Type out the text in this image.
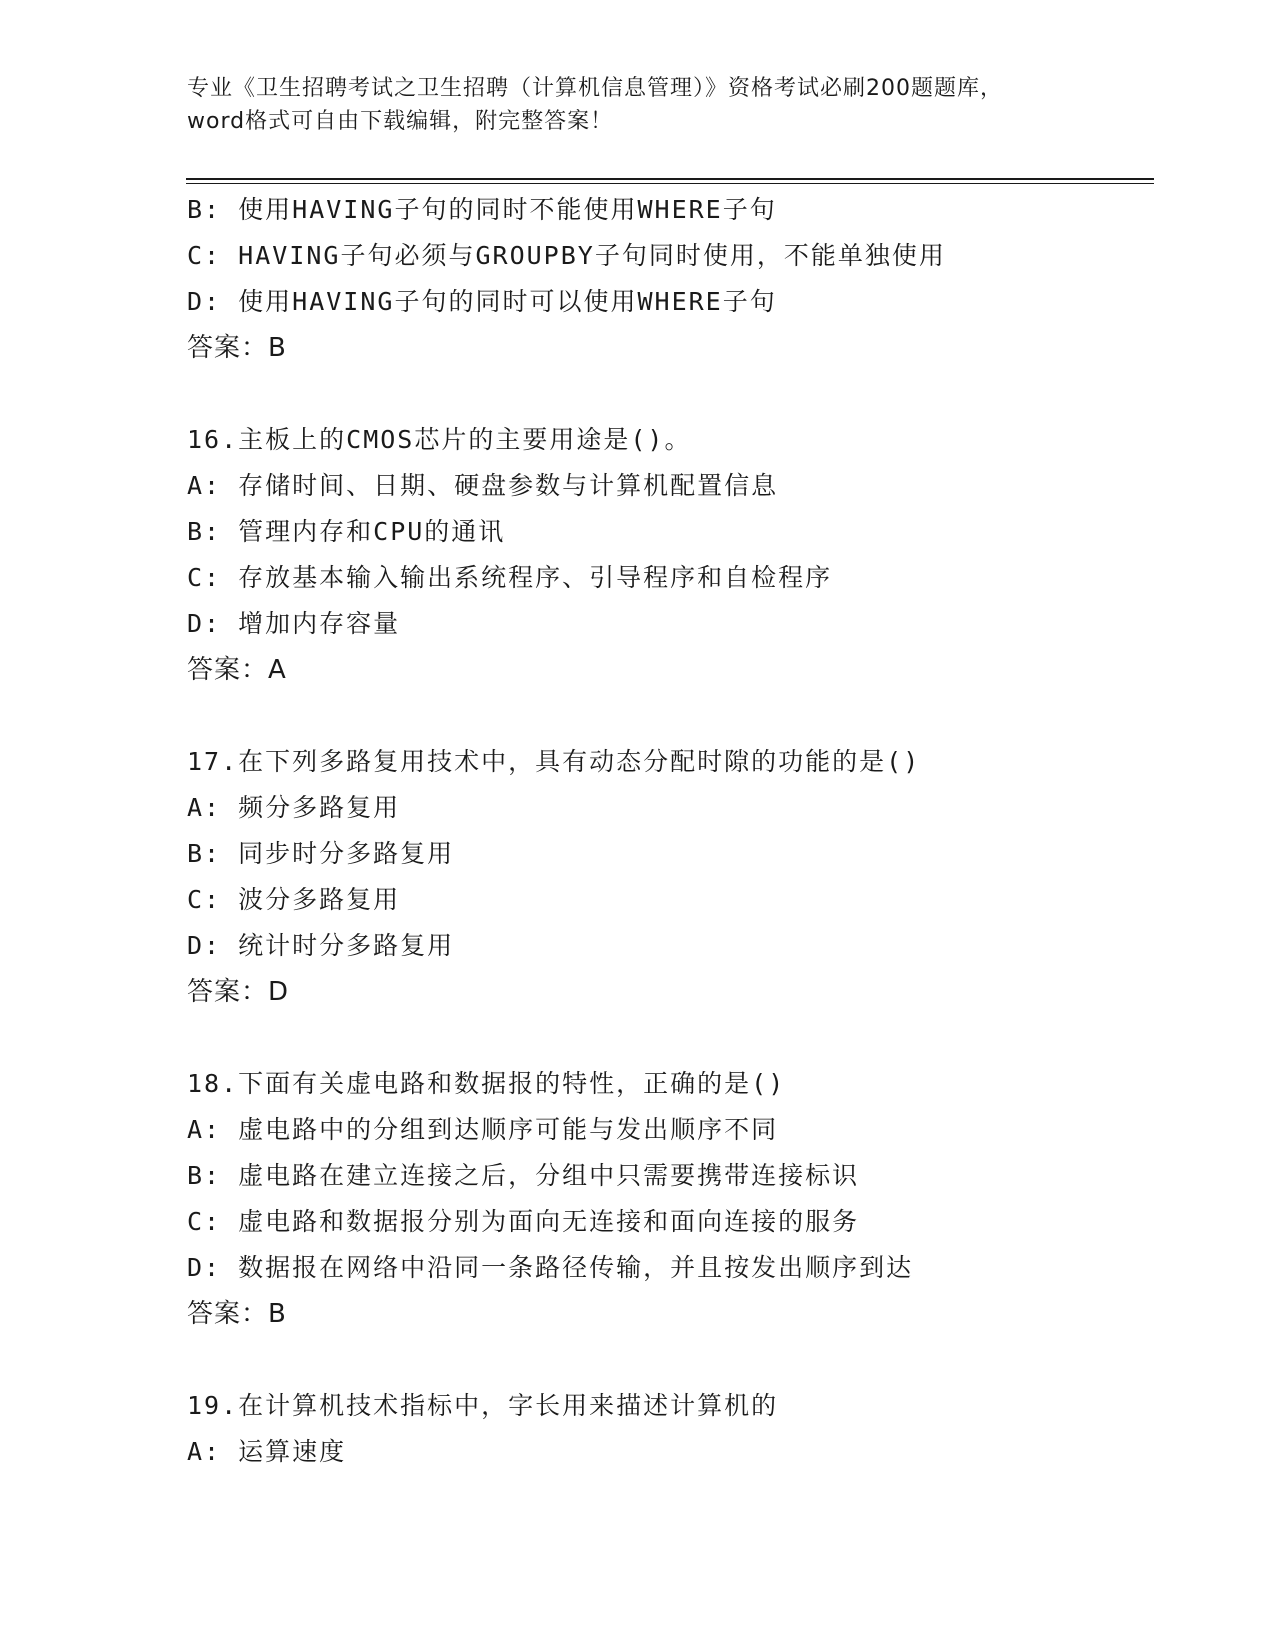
专业《卫生招聘考试之卫生招聘（计算机信息管理）》资格考试必刷200题题库，
word格式可自由下载编辑，附完整答案！
B: 使用HAVING子句的同时不能使用WHERE子句
C: HAVING子句必须与GROUPBY子句同时使用，不能单独使用
D: 使用HAVING子句的同时可以使用WHERE子句
答案：B
16.主板上的CMOS芯片的主要用途是()。
A: 存储时间、日期、硬盘参数与计算机配置信息
B: 管理内存和CPU的通讯
C: 存放基本输入输出系统程序、引导程序和自检程序
D: 增加内存容量
答案：A
17.在下列多路复用技术中，具有动态分配时隙的功能的是()
A: 频分多路复用
B: 同步时分多路复用
C: 波分多路复用
D: 统计时分多路复用
答案：D
18.下面有关虚电路和数据报的特性，正确的是()
A: 虚电路中的分组到达顺序可能与发出顺序不同
B: 虚电路在建立连接之后，分组中只需要携带连接标识
C: 虚电路和数据报分别为面向无连接和面向连接的服务
D: 数据报在网络中沿同一条路径传输，并且按发出顺序到达
答案：B
19.在计算机技术指标中，字长用来描述计算机的
A: 运算速度
